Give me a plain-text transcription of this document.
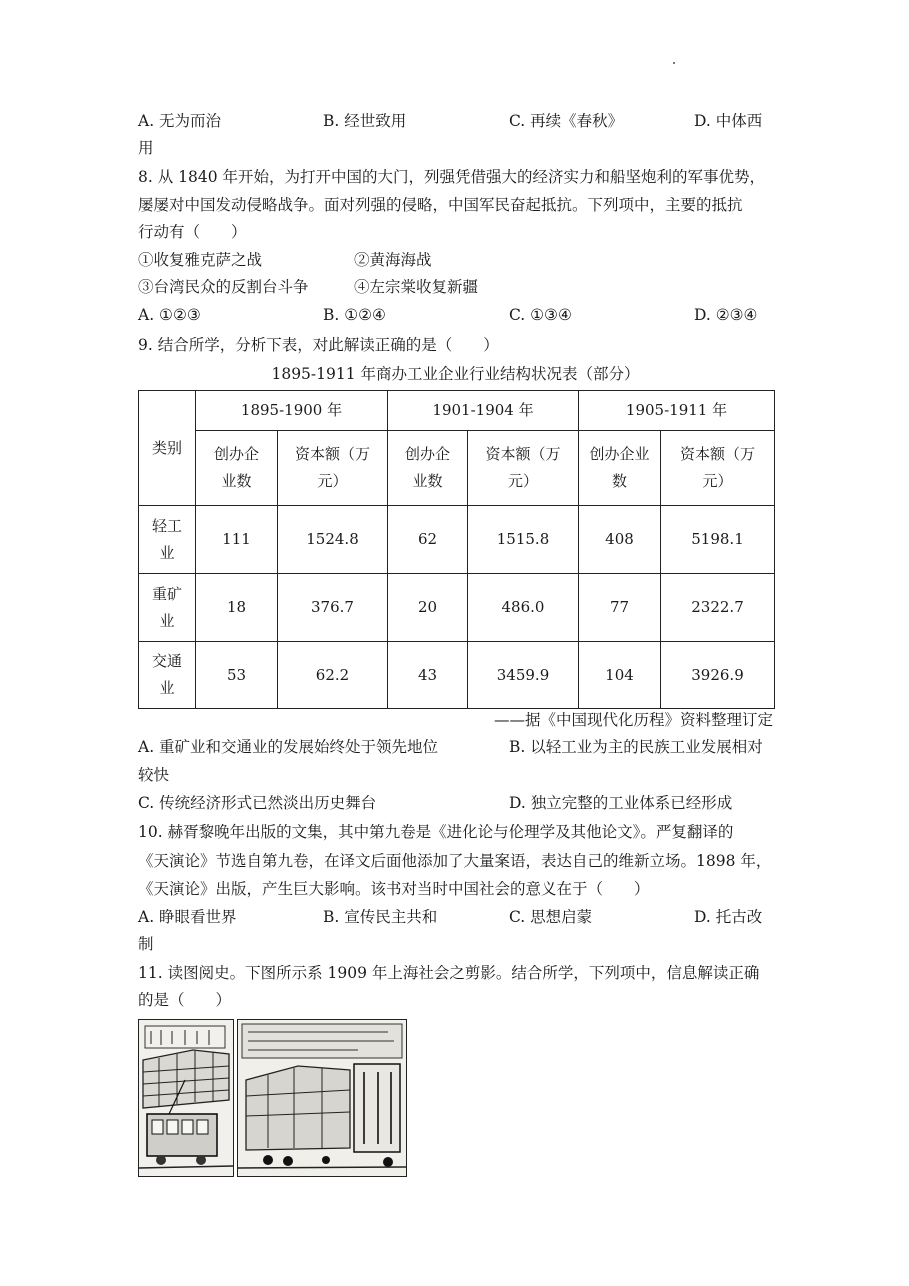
A. 无为而治	B. 经世致用	C. 再续《春秋》	D. 中体西
用
8. 从 1840 年开始，为打开中国的大门，列强凭借强大的经济实力和船坚炮利的军事优势，
屡屡对中国发动侵略战争。面对列强的侵略，中国军民奋起抵抗。下列项中，主要的抵抗
行动有（　　）
①收复雅克萨之战	②黄海海战
③台湾民众的反割台斗争	④左宗棠收复新疆
A. ①②③	B. ①②④	C. ①③④	D. ②③④
9. 结合所学，分析下表，对此解读正确的是（　　）
1895-1911 年商办工业企业行业结构状况表（部分）
类别	1895-1900 年		1901-1904 年		1905-1911 年	

	创办企业数	资本额（万元）	创办企业数	资本额（万元）	创办企业数	资本额（万元）

轻工业	111	1524.8	62	1515.8	408	5198.1

重矿业	18	376.7	20	486.0	77	2322.7

交通业	53	62.2	43	3459.9	104	3926.9
——据《中国现代化历程》资料整理订定
A. 重矿业和交通业的发展始终处于领先地位	B. 以轻工业为主的民族工业发展相对
较快
C. 传统经济形式已然淡出历史舞台	D. 独立完整的工业体系已经形成
10. 赫胥黎晚年出版的文集，其中第九卷是《进化论与伦理学及其他论文》。严复翻译的
《天演论》节选自第九卷，在译文后面他添加了大量案语，表达自己的维新立场。1898 年，
《天演论》出版，产生巨大影响。该书对当时中国社会的意义在于（　　）
A. 睁眼看世界	B. 宣传民主共和	C. 思想启蒙	D. 托古改
制
11. 读图阅史。下图所示系 1909 年上海社会之剪影。结合所学，下列项中，信息解读正确
的是（　　）
